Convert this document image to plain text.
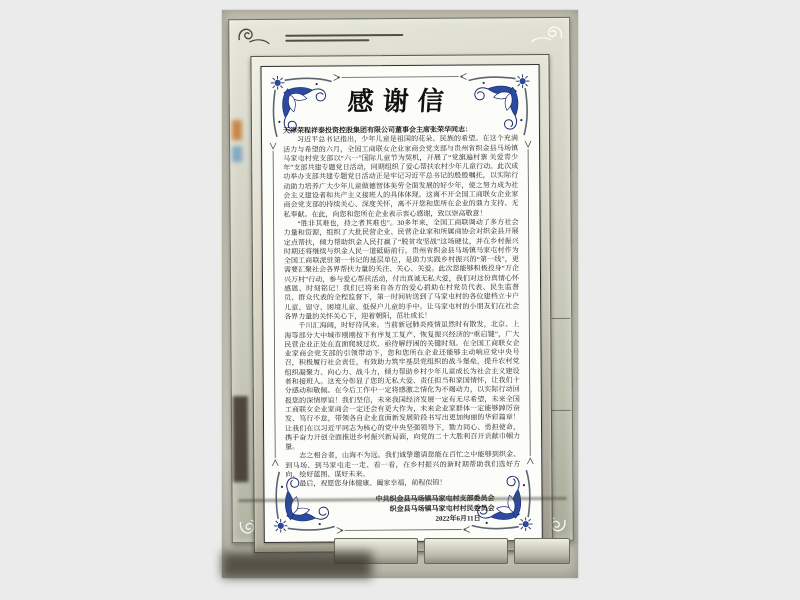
感谢信

天津荣程祥泰投资控股集团有限公司董事会主席张荣华同志：

习近平总书记指出，少年儿童是祖国的花朵、民族的希望。在这个充满活力与希望的六月，全国工商联女企业家商会党支部与贵州省织金县马场镇马家屯村党支部以“六一”国际儿童节为契机，开展了“党旗遍村寨 关爱青少年”支部共建专题党日活动，同期组织了爱心帮扶农村少年儿童行动。此次成功举办支部共建专题党日活动正是牢记习近平总书记的殷殷嘱托，以实际行动助力培养广大少年儿童做德智体美劳全面发展的好少年，使之努力成为社会主义建设者和共产主义接班人的具体体现。这离不开全国工商联女企业家商会党支部的持续关心、深度关怀，离不开您和您所在企业的鼎力支持、无私奉献。在此，向您和您所在企业表示衷心感谢，致以崇高敬意！

“胜非其难也，持之者其难也”。30多年来，全国工商联调动了多方社会力量和资源，组织了大批民营企业、民营企业家和所属商协会对织金县开展定点帮扶，倾力帮助织金人民打赢了“脱贫攻坚战”这场硬仗，并在乡村振兴时期还将继续与织金人民一道砥砺前行。贵州省织金县马场镇马家屯村作为全国工商联派驻第一书记的基层单位，是助力实践乡村振兴的“第一线”，更需要汇聚社会各界帮扶力量的关注、关心、关爱。此次您能够积极投身“万企兴万村”行动，参与爱心帮扶活动，付出真诚无私大爱，我们对这份真情心怀感恩、时刻铭记！我们已将来自各方的爱心捐助在村党员代表、民生监督员、群众代表的全程监督下，第一时间转送到了马家屯村的各位建档立卡户儿童、留守、困境儿童、低保户儿童的手中。让马家屯村的小朋友们在社会各界力量的关怀关心下，迎着朝阳，茁壮成长！

千川汇海阔，时好待风来。当前新冠肺炎疫情虽然时有散发，北京、上海等部分大中城市刚刚按下有序复工复产、恢复振兴经济的“重启键”，广大民营企业正处在直面爬坡过坎、亟待解纾困的关键时刻。在全国工商联女企业家商会党支部的引领带动下，您和您所在企业还能够主动响应党中央号召，积极履行社会责任，有效助力筑牢基层党组织的战斗堡垒，提升农村党组织凝聚力、向心力、战斗力，倾力帮助乡村少年儿童成长为社会主义建设者和接班人。这充分彰显了您的无私大爱、责任担当和家国情怀，让我们十分感动和敬佩。在今后工作中一定将感激之情化为不竭动力，以实际行动回报您的深情厚谊！我们坚信，未来我国经济发展一定有无尽希望，未来全国工商联女企业家商会一定还会有更大作为，未来企业家群体一定能够踔厉奋发、笃行不怠，带领各自企业直面新发展阶段书写出更加绚丽的华彩篇章！让我们在以习近平同志为核心的党中央坚强领导下，勠力同心、勇担使命，携手奋力开创全面推进乡村振兴新局面，向党的二十大胜利召开贡献巾帼力量。

志之相合者，山海不为远。我们诚挚邀请您能在百忙之中能够到织金、到马场、到马家屯走一走、看一看，在乡村振兴的新时期帮助我们选好方向、绘好蓝图、谋好未来。

最后，祝愿您身体健康、阖家幸福，前程似锦！

织金县马场镇马家屯村村民委员会

2022年6月11日
